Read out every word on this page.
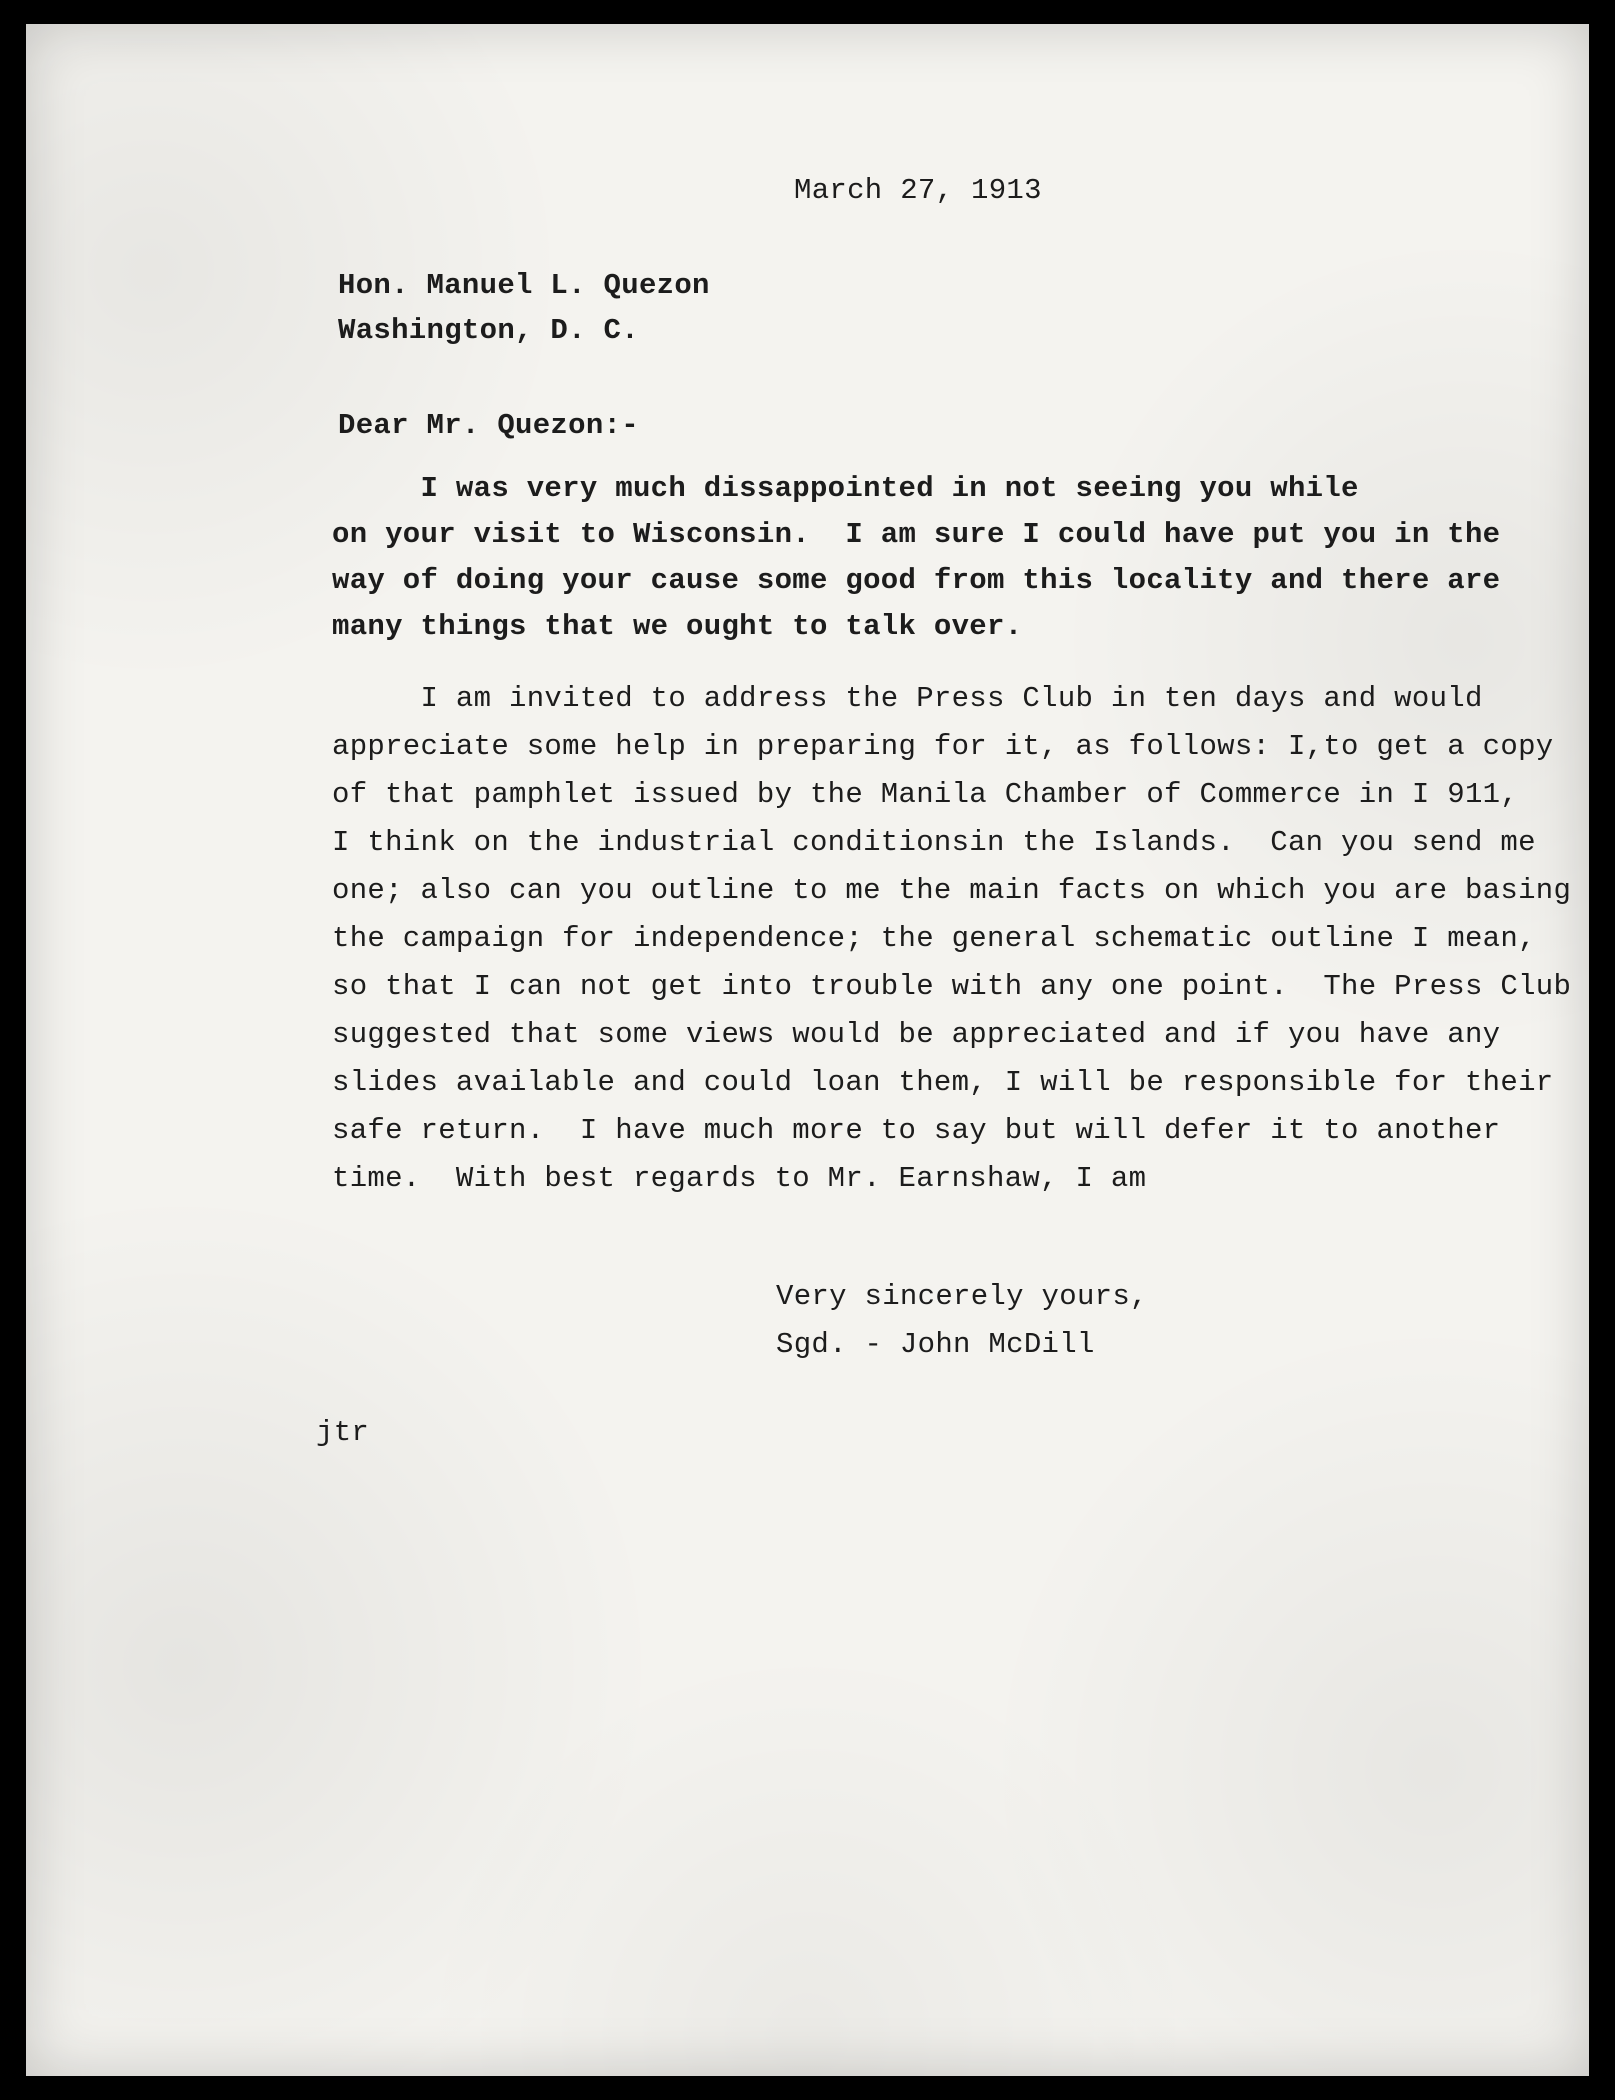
March 27, 1913
Hon. Manuel L. Quezon
Washington, D. C.
Dear Mr. Quezon:-
I was very much dissappointed in not seeing you while
on your visit to Wisconsin.  I am sure I could have put you in the
way of doing your cause some good from this locality and there are
many things that we ought to talk over.
I am invited to address the Press Club in ten days and would
appreciate some help in preparing for it, as follows: I,to get a copy
of that pamphlet issued by the Manila Chamber of Commerce in I 911,
I think on the industrial conditionsin the Islands.  Can you send me
one; also can you outline to me the main facts on which you are basing
the campaign for independence; the general schematic outline I mean,
so that I can not get into trouble with any one point.  The Press Club
suggested that some views would be appreciated and if you have any
slides available and could loan them, I will be responsible for their
safe return.  I have much more to say but will defer it to another
time.  With best regards to Mr. Earnshaw, I am
Very sincerely yours,
Sgd. - John McDill
jtr
